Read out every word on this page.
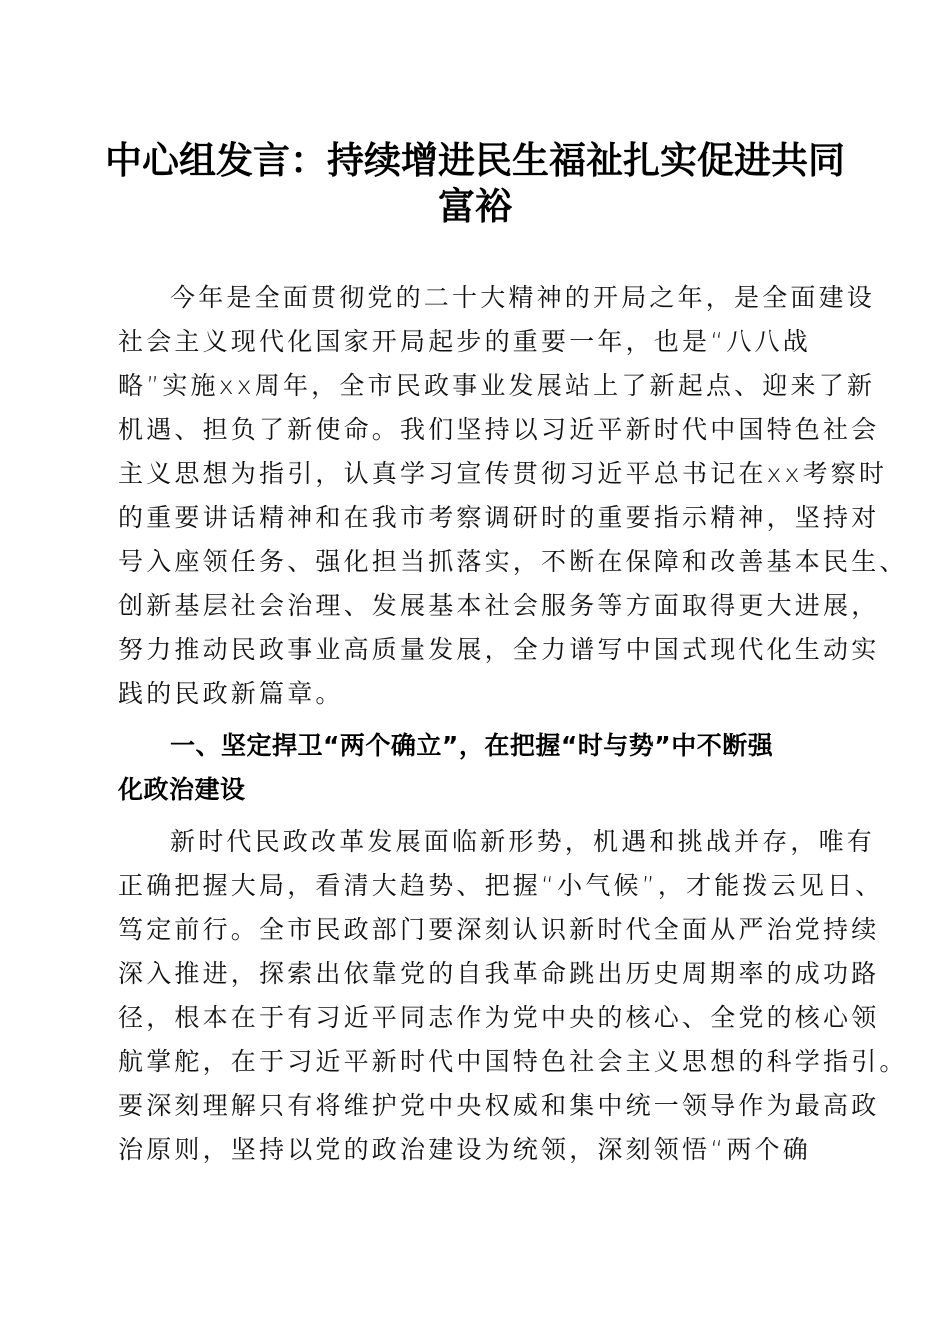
中心组发言：持续增进民生福祉扎实促进共同
富裕
今年是全面贯彻党的二十大精神的开局之年，是全面建设
社会主义现代化国家开局起步的重要一年，也是“八八战
略”实施xx周年，全市民政事业发展站上了新起点、迎来了新
机遇、担负了新使命。我们坚持以习近平新时代中国特色社会
主义思想为指引，认真学习宣传贯彻习近平总书记在xx考察时
的重要讲话精神和在我市考察调研时的重要指示精神，坚持对
号入座领任务、强化担当抓落实，不断在保障和改善基本民生、
创新基层社会治理、发展基本社会服务等方面取得更大进展，
努力推动民政事业高质量发展，全力谱写中国式现代化生动实
践的民政新篇章。
一、坚定捍卫“两个确立”，在把握“时与势”中不断强
化政治建设
新时代民政改革发展面临新形势，机遇和挑战并存，唯有
正确把握大局，看清大趋势、把握“小气候”，才能拨云见日、
笃定前行。全市民政部门要深刻认识新时代全面从严治党持续
深入推进，探索出依靠党的自我革命跳出历史周期率的成功路
径，根本在于有习近平同志作为党中央的核心、全党的核心领
航掌舵，在于习近平新时代中国特色社会主义思想的科学指引。
要深刻理解只有将维护党中央权威和集中统一领导作为最高政
治原则，坚持以党的政治建设为统领，深刻领悟“两个确
